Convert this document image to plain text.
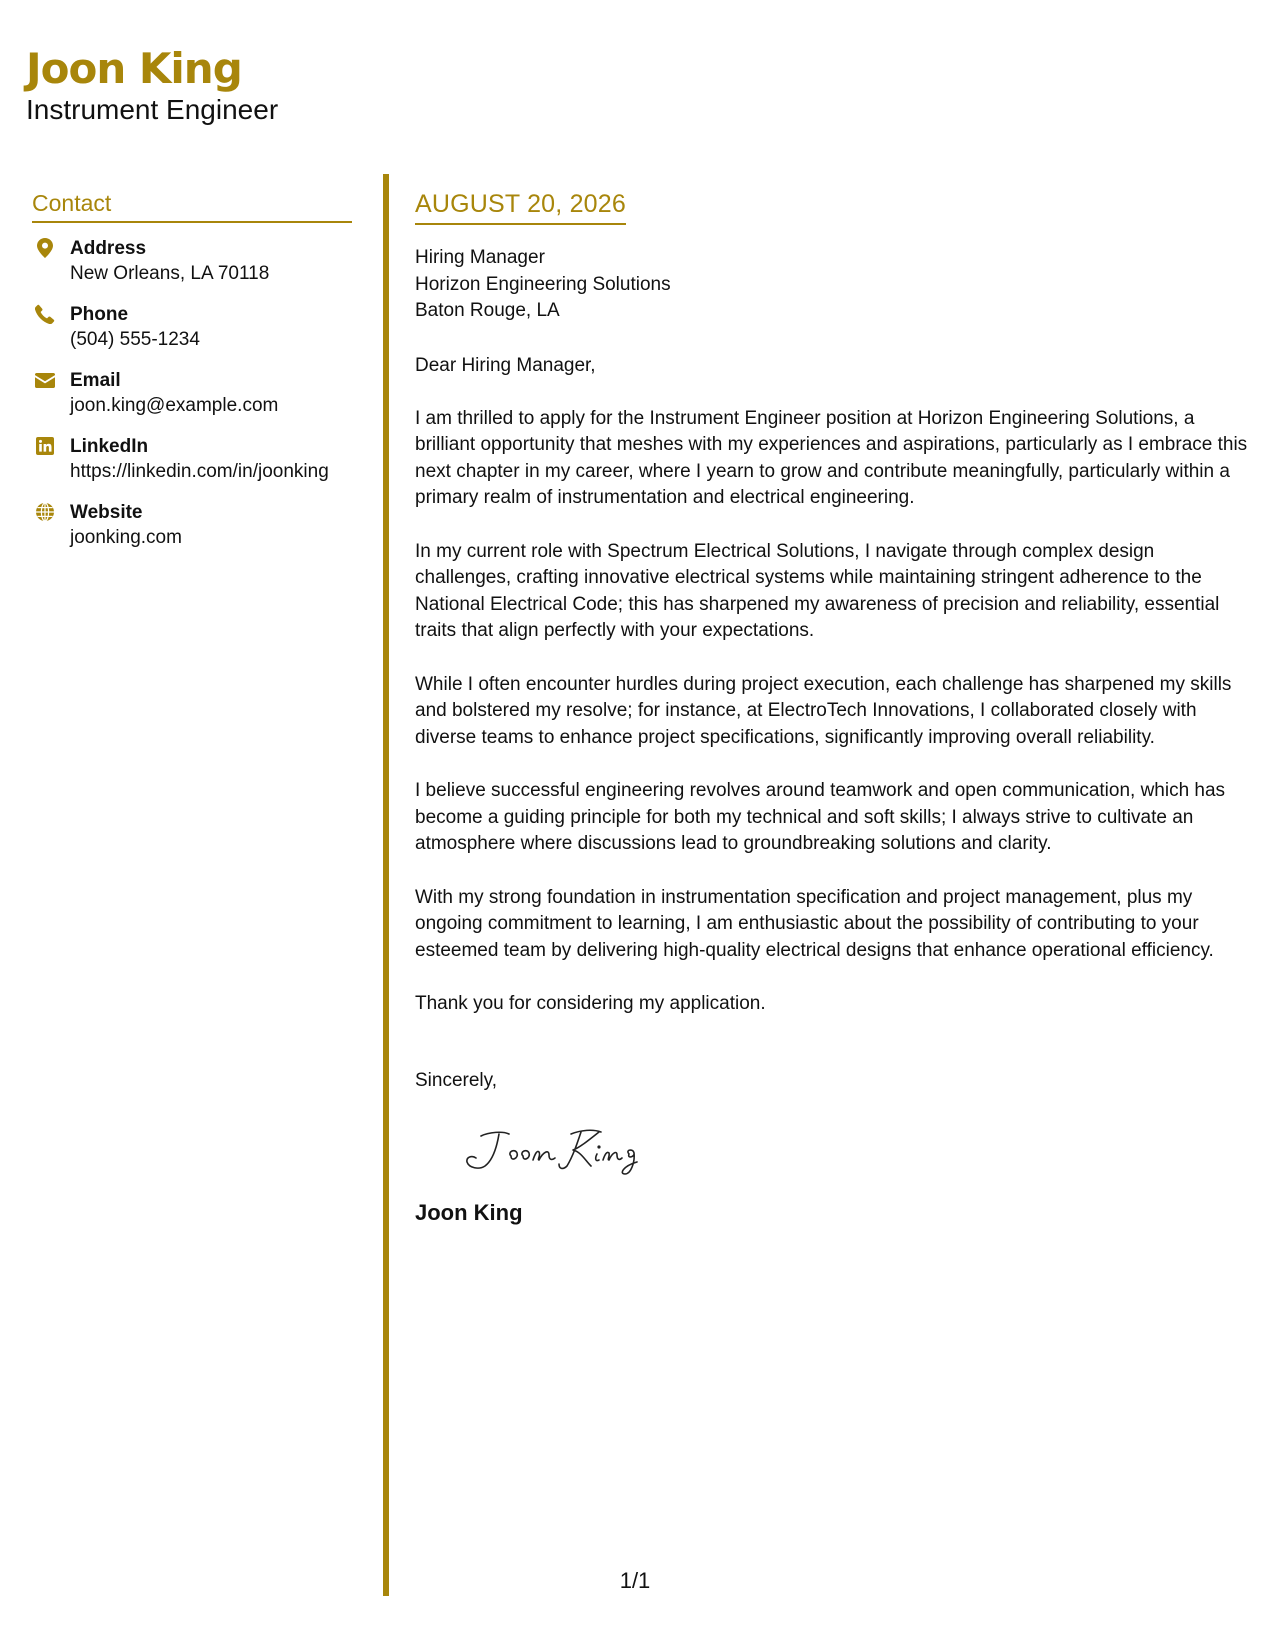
Joon King
Instrument Engineer
Contact
Address
New Orleans, LA 70118
Phone
(504) 555-1234
Email
joon.king@example.com
LinkedIn
https://linkedin.com/in/joonking
Website
joonking.com
AUGUST 20, 2026
Hiring Manager
Horizon Engineering Solutions
Baton Rouge, LA
Dear Hiring Manager,
I am thrilled to apply for the Instrument Engineer position at Horizon Engineering Solutions, a brilliant opportunity that meshes with my experiences and aspirations, particularly as I embrace this next chapter in my career, where I yearn to grow and contribute meaningfully, particularly within a primary realm of instrumentation and electrical engineering.
In my current role with Spectrum Electrical Solutions, I navigate through complex design challenges, crafting innovative electrical systems while maintaining stringent adherence to the National Electrical Code; this has sharpened my awareness of precision and reliability, essential traits that align perfectly with your expectations.
While I often encounter hurdles during project execution, each challenge has sharpened my skills and bolstered my resolve; for instance, at ElectroTech Innovations, I collaborated closely with diverse teams to enhance project specifications, significantly improving overall reliability.
I believe successful engineering revolves around teamwork and open communication, which has become a guiding principle for both my technical and soft skills; I always strive to cultivate an atmosphere where discussions lead to groundbreaking solutions and clarity.
With my strong foundation in instrumentation specification and project management, plus my ongoing commitment to learning, I am enthusiastic about the possibility of contributing to your esteemed team by delivering high-quality electrical designs that enhance operational efficiency.
Thank you for considering my application.
Sincerely,
Joon King
1/1
